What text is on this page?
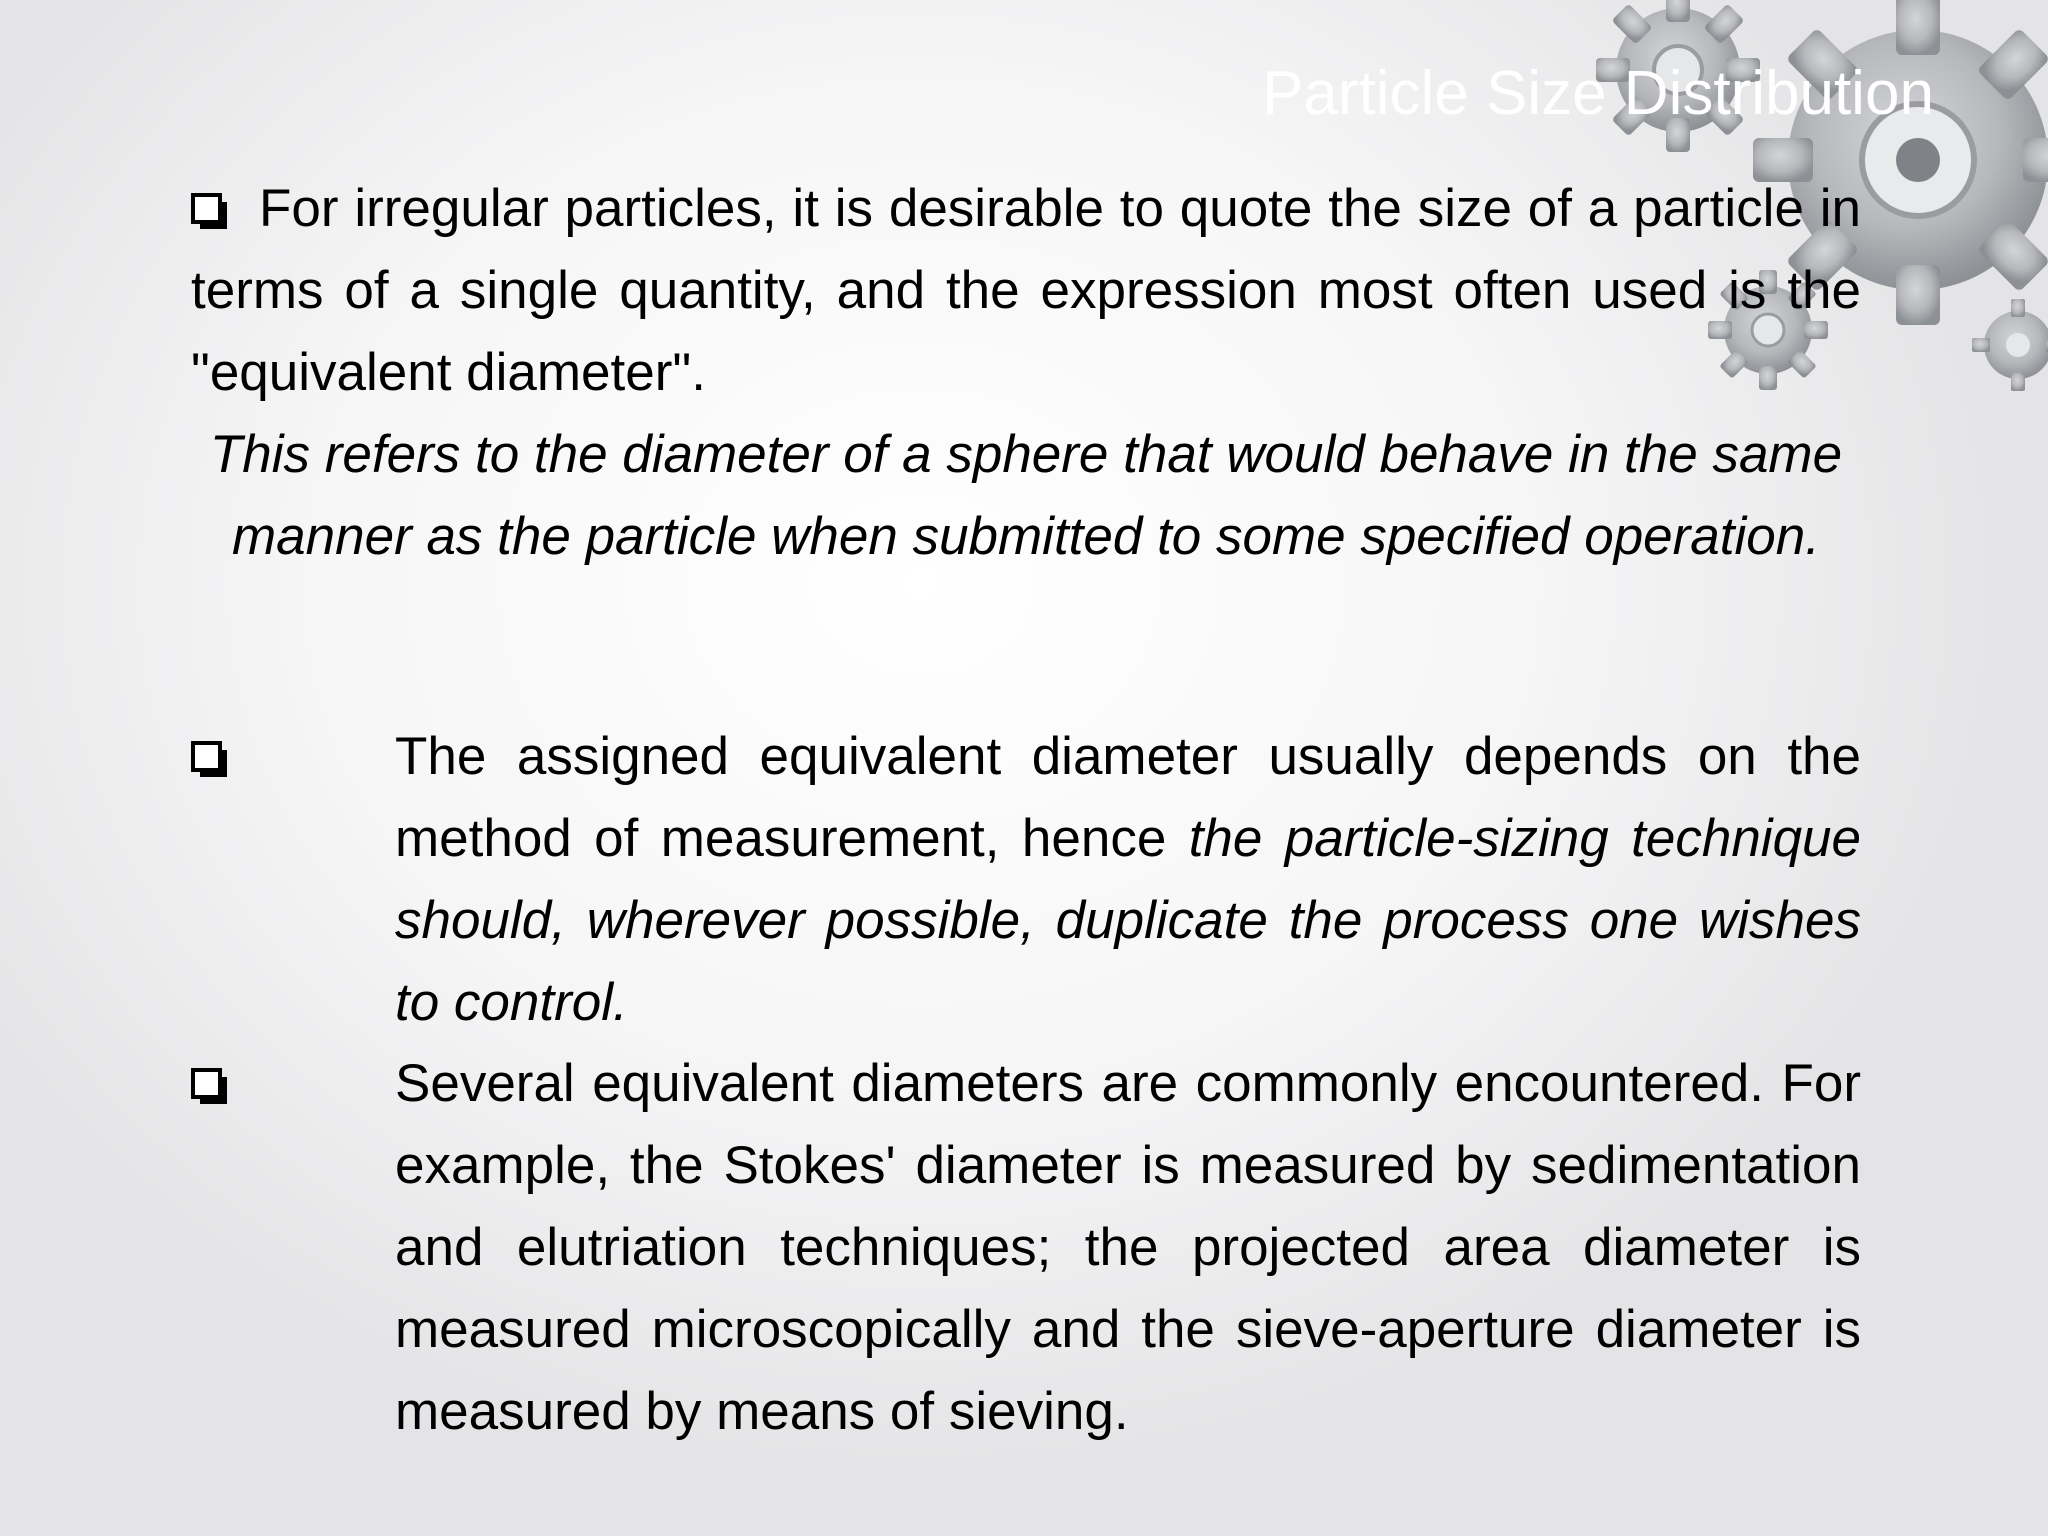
Particle Size Distribution

For irregular particles, it is desirable to quote the size of a particle in terms of a single quantity, and the expression most often used is the "equivalent diameter".

This refers to the diameter of a sphere that would behave in the same manner as the particle when submitted to some specified operation.

The assigned equivalent diameter usually depends on the method of measurement, hence the particle-sizing technique should, wherever possible, duplicate the process one wishes to control.
Several equivalent diameters are commonly encountered. For example, the Stokes' diameter is measured by sedimentation and elutriation techniques; the projected area diameter is measured microscopically and the sieve-aperture diameter is measured by means of sieving.
